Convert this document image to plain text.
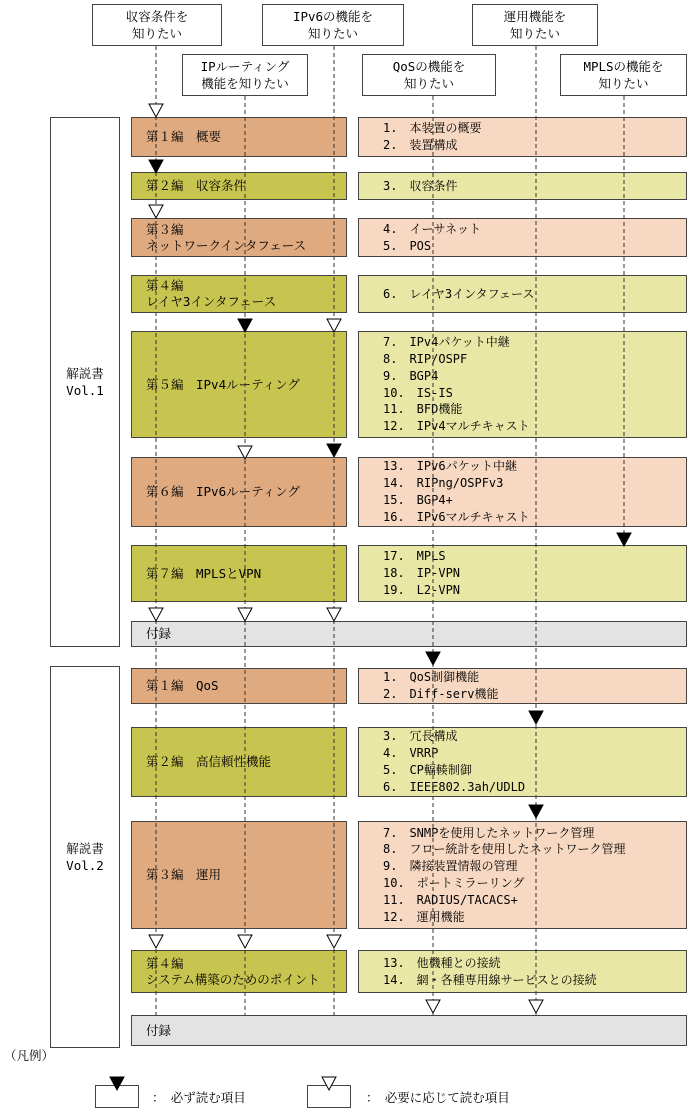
収容条件を
知りたい
IPv6の機能を
知りたい
運用機能を
知りたい
IPルーティング
機能を知りたい
QoSの機能を
知りたい
MPLSの機能を
知りたい
解説書
Vol.1
解説書
Vol.2
第１編　概要
第２編　収容条件
第３編
ネットワークインタフェース
第４編
レイヤ3インタフェース
第５編　IPv4ルーティング
第６編　IPv6ルーティング
第７編　MPLSとVPN
付録
第１編　QoS
第２編　高信頼性機能
第３編　運用
第４編
システム構築のためのポイント
付録
1.　本装置の概要
2.　装置構成
3.　収容条件
4.　イーサネット
5.　POS
6.　レイヤ3インタフェース
7.　IPv4パケット中継
8.　RIP/OSPF
9.　BGP4
10.　IS-IS
11.　BFD機能
12.　IPv4マルチキャスト
13.　IPv6パケット中継
14.　RIPng/OSPFv3
15.　BGP4+
16.　IPv6マルチキャスト
17.　MPLS
18.　IP-VPN
19.　L2-VPN
1.　QoS制御機能
2.　Diff-serv機能
3.　冗長構成
4.　VRRP
5.　CP輻輳制御
6.　IEEE802.3ah/UDLD
7.　SNMPを使用したネットワーク管理
8.　フロー統計を使用したネットワーク管理
9.　隣接装置情報の管理
10.　ポートミラーリング
11.　RADIUS/TACACS+
12.　運用機能
13.　他機種との接続
14.　網・各種専用線サービスとの接続
（凡例）
：　必ず読む項目	：　必要に応じて読む項目
